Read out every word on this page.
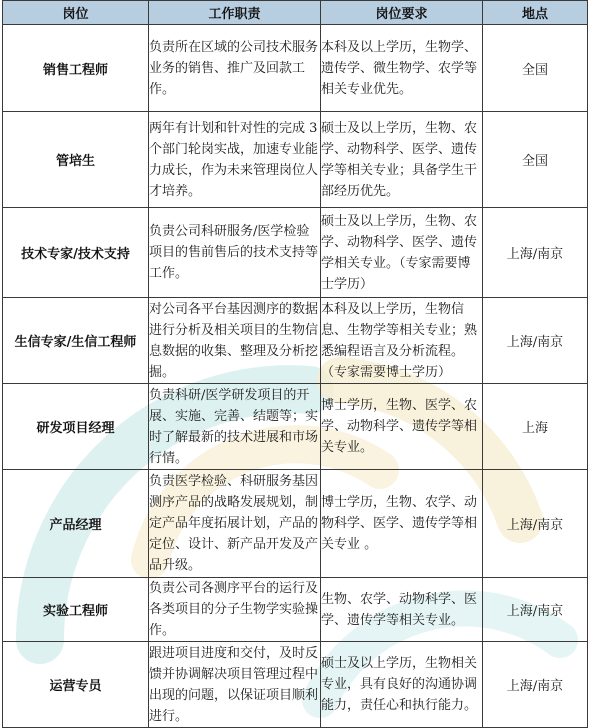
岗位	工作职责	岗位要求	地点
销售工程师	负责所在区域的公司技术服务业务的销售、推广及回款工作。	本科及以上学历，生物学、遗传学、微生物学、农学等相关专业优先。	全国
管培生	两年有计划和针对性的完成 3 个部门轮岗实战，加速专业能力成长，作为未来管理岗位人才培养。	硕士及以上学历，生物、农学、动物科学、医学、遗传学等相关专业；具备学生干部经历优先。	全国
技术专家/技术支持	负责公司科研服务/医学检验项目的售前售后的技术支持等工作。	硕士及以上学历，生物、农学、动物科学、医学、遗传学相关专业。（专家需要博士学历）	上海/南京
生信专家/生信工程师	对公司各平台基因测序的数据进行分析及相关项目的生物信息数据的收集、整理及分析挖掘。	本科及以上学历，生物信息、生物学等相关专业；熟悉编程语言及分析流程。（专家需要博士学历）	上海/南京
研发项目经理	负责科研/医学研发项目的开展、实施、完善、结题等；实时了解最新的技术进展和市场行情。	博士学历，生物、医学、农学、动物科学、遗传学等相关专业。	上海
产品经理	负责医学检验、科研服务基因测序产品的战略发展规划，制定产品年度拓展计划，产品的定位、设计、新产品开发及产品升级。	博士学历，生物、农学、动物科学、医学、遗传学等相关专业 。	上海/南京
实验工程师	负责公司各测序平台的运行及各类项目的分子生物学实验操作。	生物、农学、动物科学、医学、遗传学等相关专业。	上海/南京
运营专员	跟进项目进度和交付，及时反馈并协调解决项目管理过程中出现的问题，以保证项目顺利进行。	硕士及以上学历，生物相关专业，具有良好的沟通协调能力，责任心和执行能力。	上海/南京
